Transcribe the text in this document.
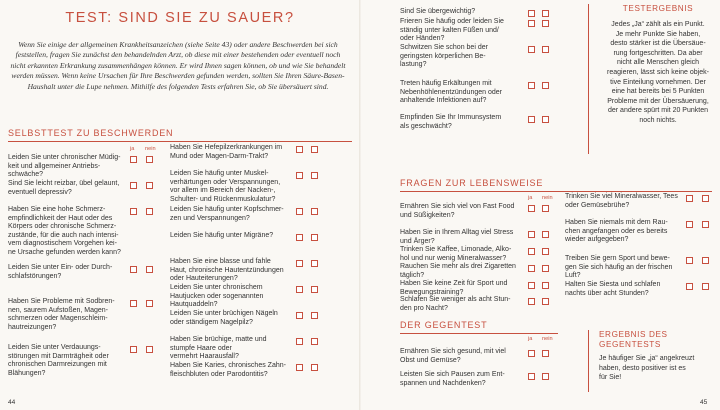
TEST: SIND SIE ZU SAUER?
Wenn Sie einige der allgemeinen Krankheitsanzeichen (siehe Seite 43) oder andere Beschwerden bei sich feststellen, fragen Sie zunächst den behandelnden Arzt, ob diese mit einer bestehenden oder eventuell noch nicht erkannten Erkrankung zusammenhängen können. Er wird Ihnen sagen können, ob und wie Sie behandelt werden müssen. Wenn keine Ursachen für Ihre Beschwerden gefunden werden, sollten Sie Ihren Säure-Basen-Haushalt unter die Lupe nehmen. Mithilfe des folgenden Tests erfahren Sie, ob Sie übersäuert sind.
SELBSTTEST ZU BESCHWERDEN
ja nein
Leiden Sie unter chronischer Müdig-
keit und allgemeiner Antriebs-
schwäche?
Sind Sie leicht reizbar, übel gelaunt,
eventuell depressiv?
Haben Sie eine hohe Schmerz-
empfindlichkeit der Haut oder des
Körpers oder chronische Schmerz-
zustände, für die auch nach intensi-
vem diagnostischem Vorgehen kei-
ne Ursache gefunden werden kann?
Leiden Sie unter Ein- oder Durch-
schlafstörungen?
Haben Sie Probleme mit Sodbren-
nen, saurem Aufstoßen, Magen-
schmerzen oder Magenschleim-
hautreizungen?
Leiden Sie unter Verdauungs-
störungen mit Darmträgheit oder
chronischen Darmreizungen mit
Blähungen?
Haben Sie Hefepilzerkrankungen im
Mund oder Magen-Darm-Trakt?
Leiden Sie häufig unter Muskel-
verhärtungen oder Verspannungen,
vor allem im Bereich der Nacken-,
Schulter- und Rückenmuskulatur?
Leiden Sie häufig unter Kopfschmer-
zen und Verspannungen?
Leiden Sie häufig unter Migräne?
Haben Sie eine blasse und fahle
Haut, chronische Hautentzündungen
oder Hauteiterungen?
Leiden Sie unter chronischem
Hautjucken oder sogenannten
Hautquaddeln?
Leiden Sie unter brüchigen Nägeln
oder ständigem Nagelpilz?
Haben Sie brüchige, matte und
stumpfe Haare oder
vermehrt Haarausfall?
Haben Sie Karies, chronisches Zahn-
fleischbluten oder Parodontitis?
44
Sind Sie übergewichtig?
Frieren Sie häufig oder leiden Sie
ständig unter kalten Füßen und/
oder Händen?
Schwitzen Sie schon bei der
geringsten körperlichen Be-
lastung?
Treten häufig Erkältungen mit
Nebenhöhlenentzündungen oder
anhaltende Infektionen auf?
Empfinden Sie Ihr Immunsystem
als geschwächt?
TESTERGEBNIS
Jedes „Ja“ zählt als ein Punkt.
Je mehr Punkte Sie haben,
desto stärker ist die Übersäue-
rung fortgeschritten. Da aber
nicht alle Menschen gleich
reagieren, lässt sich keine objek-
tive Einteilung vornehmen. Der
eine hat bereits bei 5 Punkten
Probleme mit der Übersäuerung,
der andere spürt mit 20 Punkten
noch nichts.
FRAGEN ZUR LEBENSWEISE
ja nein
Ernähren Sie sich viel von Fast Food
und Süßigkeiten?
Haben Sie in Ihrem Alltag viel Stress
und Ärger?
Trinken Sie Kaffee, Limonade, Alko-
hol und nur wenig Mineralwasser?
Rauchen Sie mehr als drei Zigaretten
täglich?
Haben Sie keine Zeit für Sport und
Bewegungstraining?
Schlafen Sie weniger als acht Stun-
den pro Nacht?
Trinken Sie viel Mineralwasser, Tees
oder Gemüsebrühe?
Haben Sie niemals mit dem Rau-
chen angefangen oder es bereits
wieder aufgegeben?
Treiben Sie gern Sport und bewe-
gen Sie sich häufig an der frischen
Luft?
Halten Sie Siesta und schlafen
nachts über acht Stunden?
DER GEGENTEST
ja nein
Ernähren Sie sich gesund, mit viel
Obst und Gemüse?
Leisten Sie sich Pausen zum Ent-
spannen und Nachdenken?
ERGEBNIS DES
GEGENTESTS
Je häufiger Sie „ja“ angekreuzt
haben, desto positiver ist es
für Sie!
45
